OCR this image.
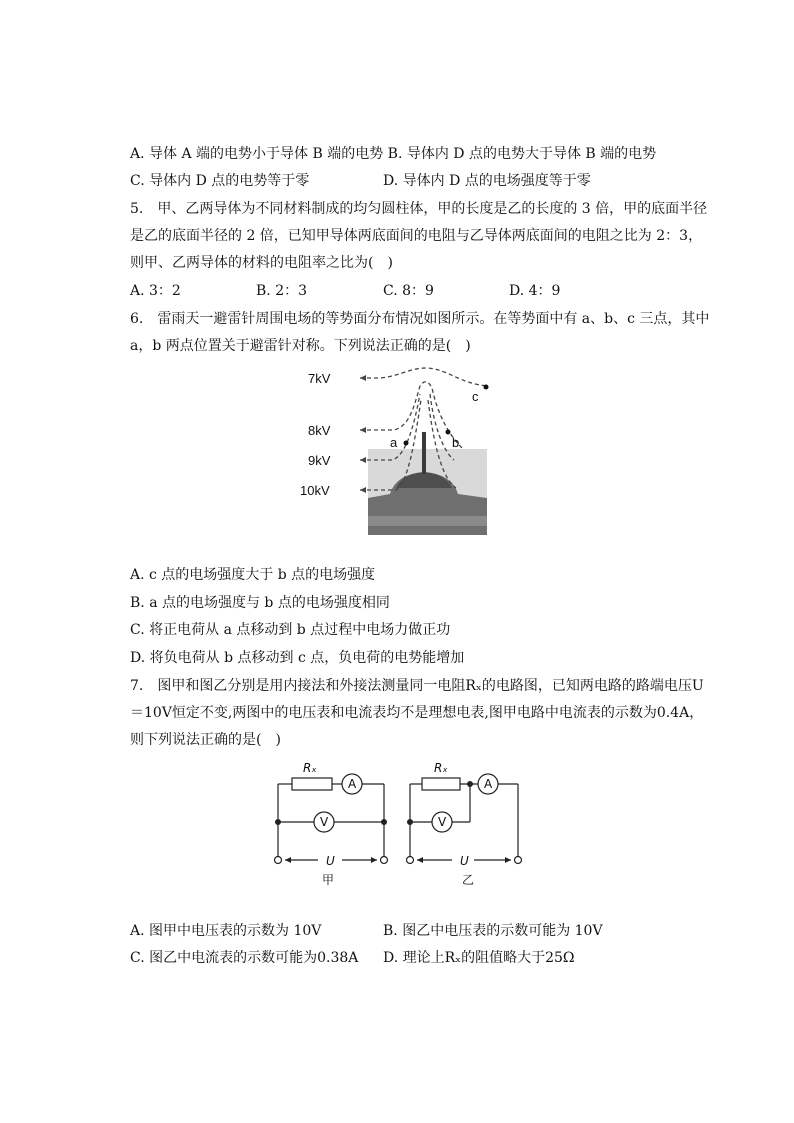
A. 导体 A 端的电势小于导体 B 端的电势 B. 导体内 D 点的电势大于导体 B 端的电势
C. 导体内 D 点的电势等于零	D. 导体内 D 点的电场强度等于零
5.　甲、乙两导体为不同材料制成的均匀圆柱体，甲的长度是乙的长度的 3 倍，甲的底面半径
是乙的底面半径的 2 倍，已知甲导体两底面间的电阻与乙导体两底面间的电阻之比为 2：3，
则甲、乙两导体的材料的电阻率之比为(　)
A. 3：2	B. 2：3	C. 8：9	D. 4：9
6.　雷雨天一避雷针周围电场的等势面分布情况如图所示。在等势面中有 a、b、c 三点，其中
a，b 两点位置关于避雷针对称。下列说法正确的是(　)
7kV
8kV
9kV
10kV
a	b
c
A. c 点的电场强度大于 b 点的电场强度
B. a 点的电场强度与 b 点的电场强度相同
C. 将正电荷从 a 点移动到 b 点过程中电场力做正功
D. 将负电荷从 b 点移动到 c 点，负电荷的电势能增加
7.　图甲和图乙分别是用内接法和外接法测量同一电阻Rₓ的电路图，已知两电路的路端电压U
＝10V恒定不变,两图中的电压表和电流表均不是理想电表,图甲电路中电流表的示数为0.4A，
则下列说法正确的是(　)
Rₓ
A
V
U
甲
Rₓ
A
V
U
乙
A. 图甲中电压表的示数为 10V	B. 图乙中电压表的示数可能为 10V
C. 图乙中电流表的示数可能为0.38A D. 理论上Rₓ的阻值略大于25Ω
